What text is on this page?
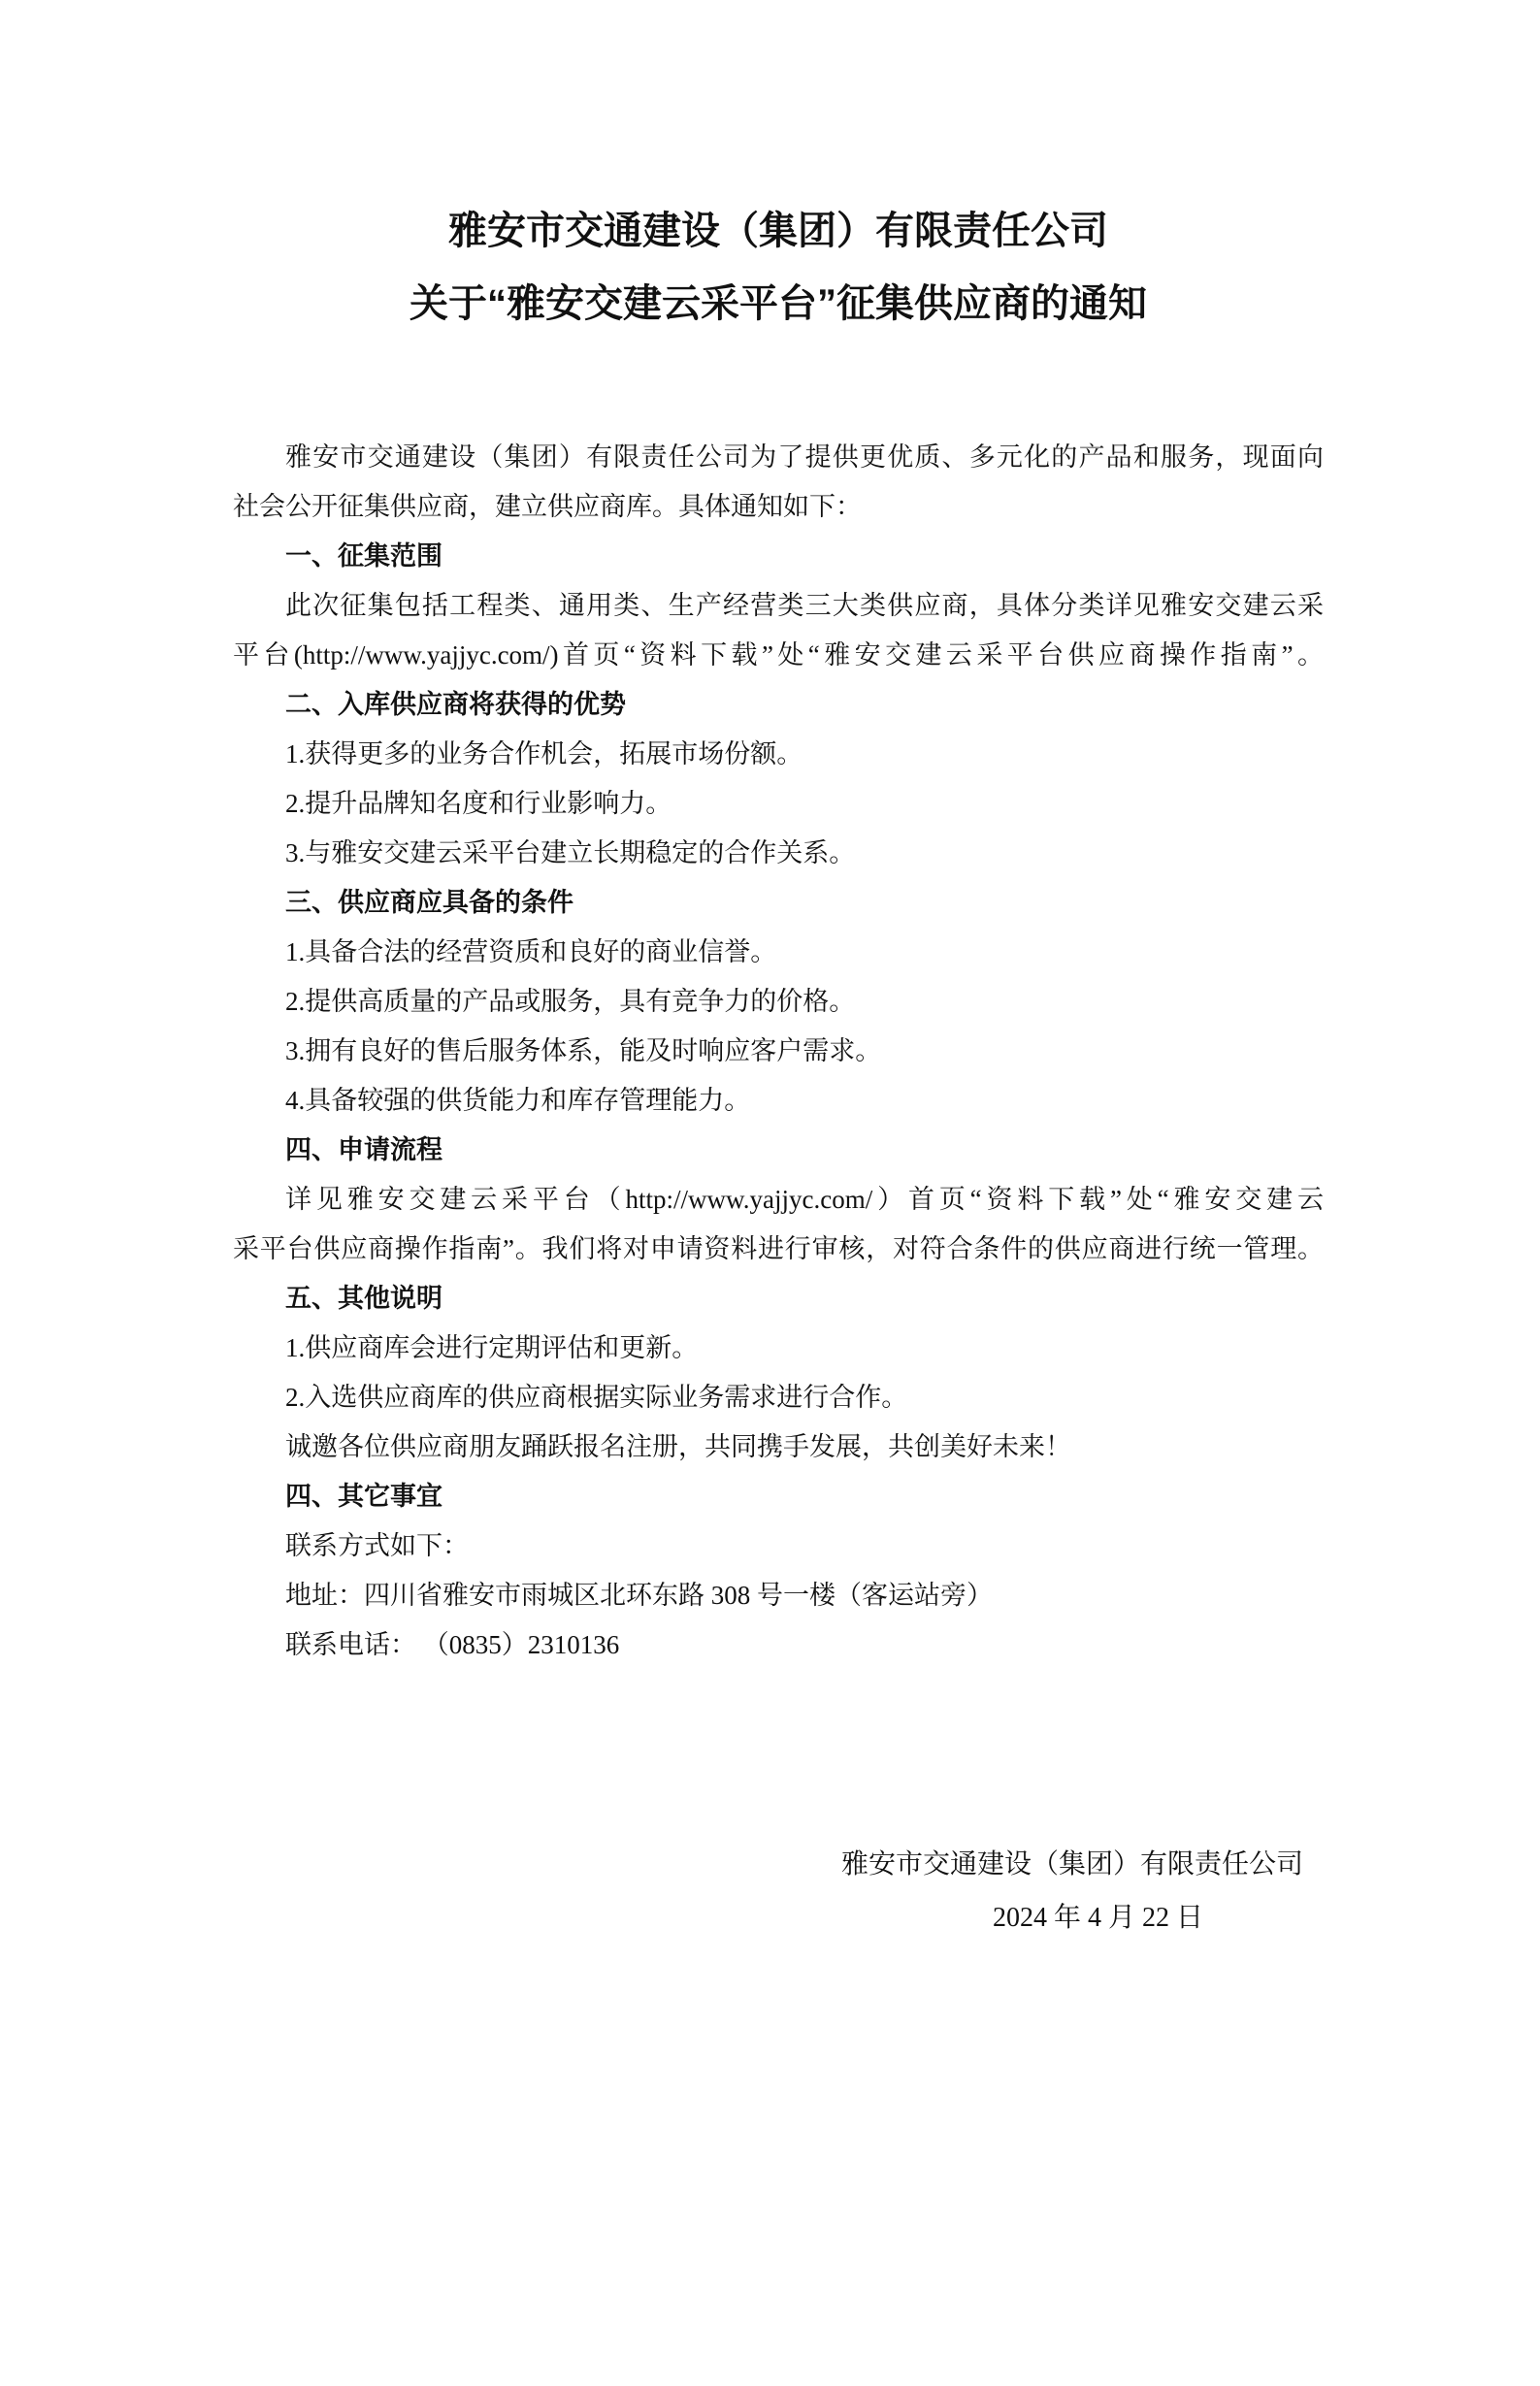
雅安市交通建设（集团）有限责任公司
关于“雅安交建云采平台”征集供应商的通知

雅安市交通建设（集团）有限责任公司为了提供更优质、多元化的产品和服务，现面向

社会公开征集供应商，建立供应商库。具体通知如下：

一、征集范围

此次征集包括工程类、通用类、生产经营类三大类供应商，具体分类详见雅安交建云采

平台(http://www.yajjyc.com/)首页“资料下载”处“雅安交建云采平台供应商操作指南”。

二、入库供应商将获得的优势

1.获得更多的业务合作机会，拓展市场份额。

2.提升品牌知名度和行业影响力。

3.与雅安交建云采平台建立长期稳定的合作关系。

三、供应商应具备的条件

1.具备合法的经营资质和良好的商业信誉。

2.提供高质量的产品或服务，具有竞争力的价格。

3.拥有良好的售后服务体系，能及时响应客户需求。

4.具备较强的供货能力和库存管理能力。

四、申请流程

详见雅安交建云采平台（http://www.yajjyc.com/）首页“资料下载”处“雅安交建云

采平台供应商操作指南”。我们将对申请资料进行审核，对符合条件的供应商进行统一管理。

五、其他说明

1.供应商库会进行定期评估和更新。

2.入选供应商库的供应商根据实际业务需求进行合作。

诚邀各位供应商朋友踊跃报名注册，共同携手发展，共创美好未来！

四、其它事宜

联系方式如下：

地址：四川省雅安市雨城区北环东路 308 号一楼（客运站旁）

联系电话： （0835）2310136

雅安市交通建设（集团）有限责任公司

2024 年 4 月 22 日
